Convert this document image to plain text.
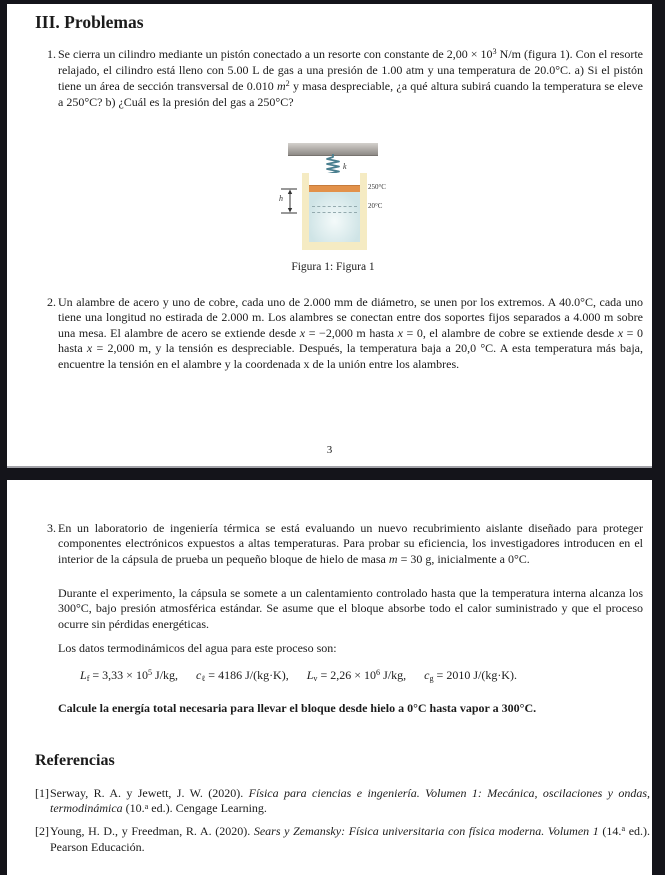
III. Problemas
1. Se cierra un cilindro mediante un pistón conectado a un resorte con constante de $2,00 \times 10^3$ N/m (figura 1). Con el resorte relajado, el cilindro está lleno con 5.00 L de gas a una presión de 1.00 atm y una temperatura de 20.0°C. a) Si el pistón tiene un área de sección transversal de 0.010 $m^2$ y masa despreciable, ¿a qué altura subirá cuando la temperatura se eleve a 250°C? b) ¿Cuál es la presión del gas a 250°C?
k
h
250°C
20°C
Figura 1: Figura 1
2. Un alambre de acero y uno de cobre, cada uno de 2.000 mm de diámetro, se unen por los extremos. A 40.0°C, cada uno tiene una longitud no estirada de 2.000 m. Los alambres se conectan entre dos soportes fijos separados a 4.000 m sobre una mesa. El alambre de acero se extiende desde x = −2,000 m hasta x = 0, el alambre de cobre se extiende desde x = 0 hasta x = 2,000 m, y la tensión es despreciable. Después, la temperatura baja a 20,0 °C. A esta temperatura más baja, encuentre la tensión en el alambre y la coordenada x de la unión entre los alambres.
3
3. En un laboratorio de ingeniería térmica se está evaluando un nuevo recubrimiento aislante diseñado para proteger componentes electrónicos expuestos a altas temperaturas. Para probar su eficiencia, los investigadores introducen en el interior de la cápsula de prueba un pequeño bloque de hielo de masa m = 30 g, inicialmente a 0°C.
Durante el experimento, la cápsula se somete a un calentamiento controlado hasta que la temperatura interna alcanza los 300°C, bajo presión atmosférica estándar. Se asume que el bloque absorbe todo el calor suministrado y que el proceso ocurre sin pérdidas energéticas.
Los datos termodinámicos del agua para este proceso son:
$L_f = 3,33 \times 10^5$ J/kg,  $c_\ell = 4186$ J/(kg·K),  $L_v = 2,26 \times 10^6$ J/kg,  $c_g = 2010$ J/(kg·K).
Calcule la energía total necesaria para llevar el bloque desde hielo a 0°C hasta vapor a 300°C.
Referencias
[1] Serway, R. A. y Jewett, J. W. (2020). Física para ciencias e ingeniería. Volumen 1: Mecánica, oscilaciones y ondas, termodinámica (10.$^a$ ed.). Cengage Learning.
[2] Young, H. D., y Freedman, R. A. (2020). Sears y Zemansky: Física universitaria con física moderna. Volumen 1 (14.$^a$ ed.). Pearson Educación.
